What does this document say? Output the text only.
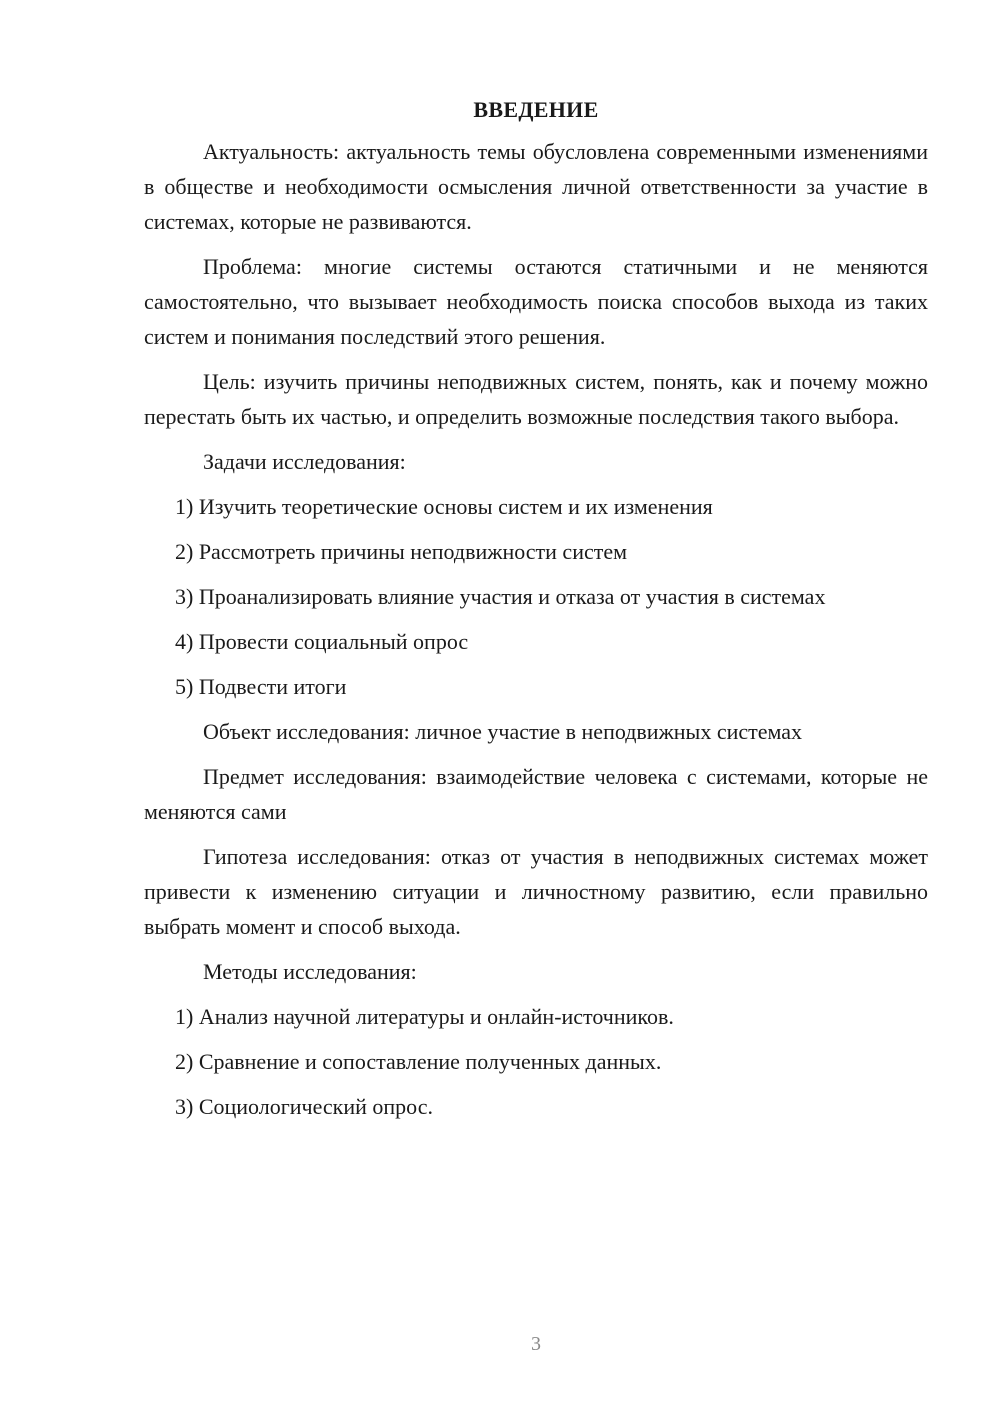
ВВЕДЕНИЕ

Актуальность: актуальность темы обусловлена современными изменениями в обществе и необходимости осмысления личной ответственности за участие в системах, которые не развиваются.

Проблема: многие системы остаются статичными и не меняются самостоятельно, что вызывает необходимость поиска способов выхода из таких систем и понимания последствий этого решения.

Цель: изучить причины неподвижных систем, понять, как и почему можно перестать быть их частью, и определить возможные последствия такого выбора.

Задачи исследования:

1) Изучить теоретические основы систем и их изменения
2) Рассмотреть причины неподвижности систем
3) Проанализировать влияние участия и отказа от участия в системах
4) Провести социальный опрос
5) Подвести итоги

Объект исследования: личное участие в неподвижных системах

Предмет исследования: взаимодействие человека с системами, которые не меняются сами

Гипотеза исследования: отказ от участия в неподвижных системах может привести к изменению ситуации и личностному развитию, если правильно выбрать момент и способ выхода.

Методы исследования:

1) Анализ научной литературы и онлайн-источников.
2) Сравнение и сопоставление полученных данных.
3) Социологический опрос.
3
